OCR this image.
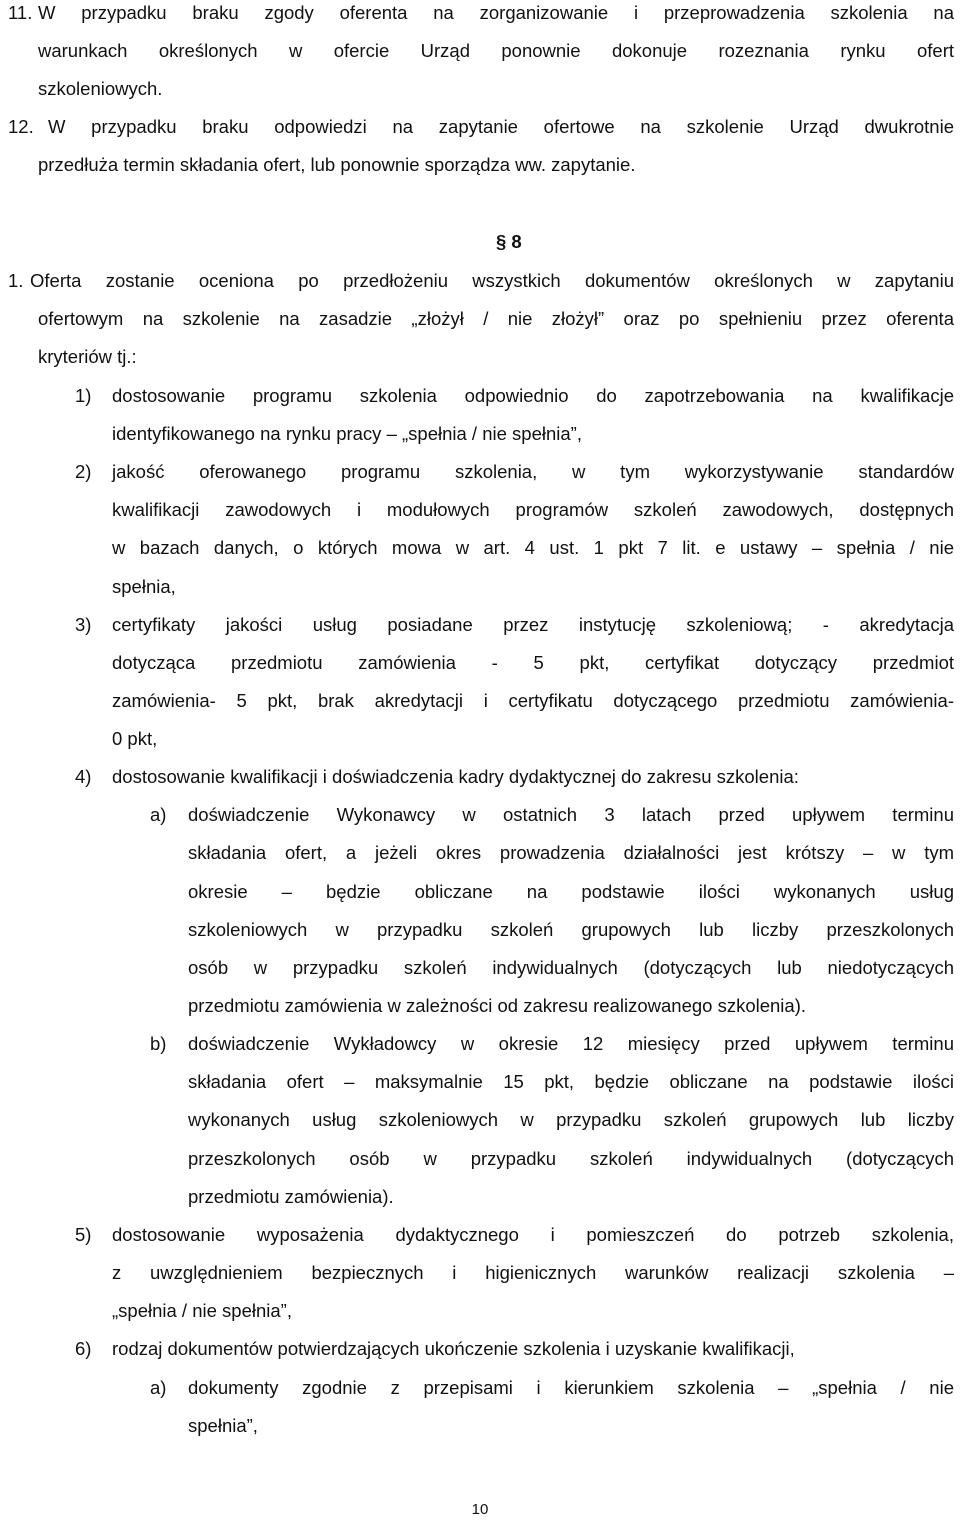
11. W przypadku braku zgody oferenta na zorganizowanie i przeprowadzenia szkolenia na
warunkach określonych w ofercie Urząd ponownie dokonuje rozeznania rynku ofert
szkoleniowych.
12. W przypadku braku odpowiedzi na zapytanie ofertowe na szkolenie Urząd dwukrotnie
przedłuża termin składania ofert, lub ponownie sporządza ww. zapytanie.
§ 8
1. Oferta zostanie oceniona po przedłożeniu wszystkich dokumentów określonych w zapytaniu
ofertowym na szkolenie na zasadzie „złożył / nie złożył” oraz po spełnieniu przez oferenta
kryteriów tj.:
1) dostosowanie programu szkolenia odpowiednio do zapotrzebowania na kwalifikacje
identyfikowanego na rynku pracy – „spełnia / nie spełnia”,
2) jakość oferowanego programu szkolenia, w tym wykorzystywanie standardów
kwalifikacji zawodowych i modułowych programów szkoleń zawodowych, dostępnych
w bazach danych, o których mowa w art. 4 ust. 1 pkt 7 lit. e ustawy – spełnia / nie
spełnia,
3) certyfikaty jakości usług posiadane przez instytucję szkoleniową; - akredytacja
dotycząca przedmiotu zamówienia - 5 pkt, certyfikat dotyczący przedmiot
zamówienia- 5 pkt, brak akredytacji i certyfikatu dotyczącego przedmiotu zamówienia-
0 pkt,
4) dostosowanie kwalifikacji i doświadczenia kadry dydaktycznej do zakresu szkolenia:
a) doświadczenie Wykonawcy w ostatnich 3 latach przed upływem terminu
składania ofert, a jeżeli okres prowadzenia działalności jest krótszy – w tym
okresie – będzie obliczane na podstawie ilości wykonanych usług
szkoleniowych w przypadku szkoleń grupowych lub liczby przeszkolonych
osób w przypadku szkoleń indywidualnych (dotyczących lub niedotyczących
przedmiotu zamówienia w zależności od zakresu realizowanego szkolenia).
b) doświadczenie Wykładowcy w okresie 12 miesięcy przed upływem terminu
składania ofert – maksymalnie 15 pkt, będzie obliczane na podstawie ilości
wykonanych usług szkoleniowych w przypadku szkoleń grupowych lub liczby
przeszkolonych osób w przypadku szkoleń indywidualnych (dotyczących
przedmiotu zamówienia).
5) dostosowanie wyposażenia dydaktycznego i pomieszczeń do potrzeb szkolenia,
z uwzględnieniem bezpiecznych i higienicznych warunków realizacji szkolenia –
„spełnia / nie spełnia”,
6) rodzaj dokumentów potwierdzających ukończenie szkolenia i uzyskanie kwalifikacji,
a) dokumenty zgodnie z przepisami i kierunkiem szkolenia – „spełnia / nie
spełnia”,
10
